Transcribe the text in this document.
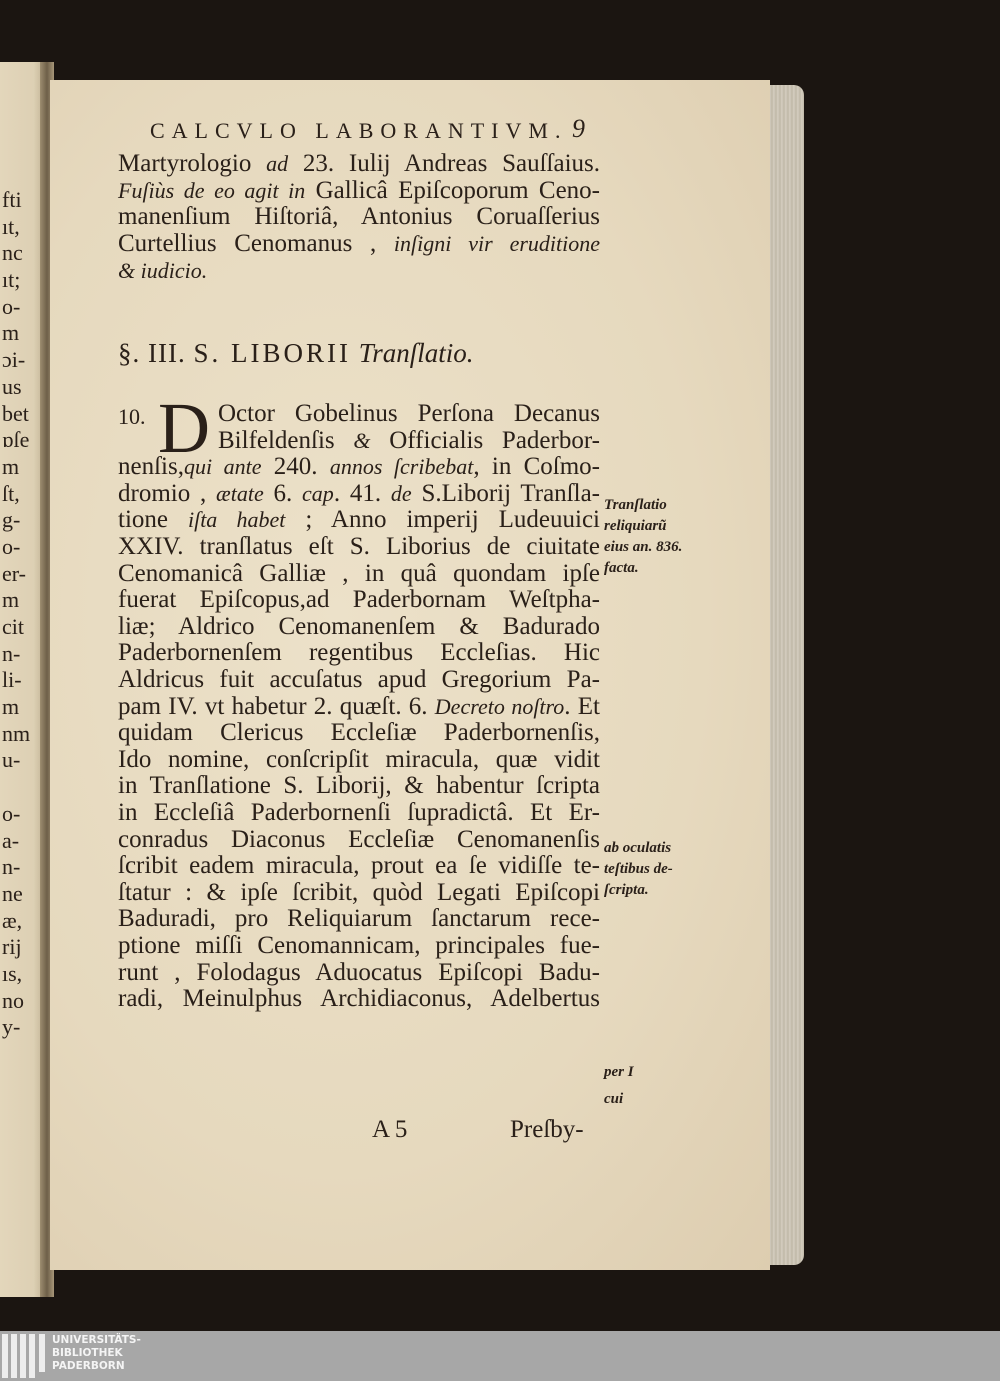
fti
ıt,
nc
ıt;
o-
m
ɔi-
us
bet
ɒſe
m
ſt,
g-
o-
er-
m
cit
n-
li-
m
nm
u-
o-
a-
n-
ne
æ,
rij
ıs,
no
y-
CALCVLO LABORANTIVM. 9
Martyrologio ad 23. Iulij Andreas Sauſſaius.
Fuſiùs de eo agit in Gallicâ Epiſcoporum Ceno-
manenſium Hiſtoriâ, Antonius Coruaſſerius
Curtellius Cenomanus , inſigni vir eruditione
& iudicio.
§. III. S. LIBORII Tranſlatio.
10. D Octor Gobelinus Perſona Decanus
Bilfeldenſis & Officialis Paderbor-
nenſis,qui ante 240. annos ſcribebat, in Coſmo-
dromio , ætate 6. cap. 41. de S.Liborij Tranſla-
tione iſta habet ; Anno imperij Ludeuuici
XXIV. tranſlatus eſt S. Liborius de ciuitate
Cenomanicâ Galliæ , in quâ quondam ipſe
fuerat Epiſcopus,ad Paderbornam Weſtpha-
liæ; Aldrico Cenomanenſem & Badurado
Paderbornenſem regentibus Eccleſias. Hic
Aldricus fuit accuſatus apud Gregorium Pa-
pam IV. vt habetur 2. quæſt. 6. Decreto noſtro. Et
quidam Clericus Eccleſiæ Paderbornenſis,
Ido nomine, conſcripſit miracula, quæ vidit
in Tranſlatione S. Liborij, & habentur ſcripta
in Eccleſiâ Paderbornenſi ſupradictâ. Et Er-
conradus Diaconus Eccleſiæ Cenomanenſis
ſcribit eadem miracula, prout ea ſe vidiſſe te-
ſtatur : & ipſe ſcribit, quòd Legati Epiſcopi
Baduradi, pro Reliquiarum ſanctarum rece-
ptione miſſi Cenomannicam, principales fue-
runt , Folodagus Aduocatus Epiſcopi Badu-
radi, Meinulphus Archidiaconus, Adelbertus
Tranſlatio
reliquiarũ
eius an. 836.
facta.
ab oculatis
teſtibus de-
ſcripta.
per I
cui
A 5	Preſby-
UNIVERSITÄTS-
BIBLIOTHEK
PADERBORN
